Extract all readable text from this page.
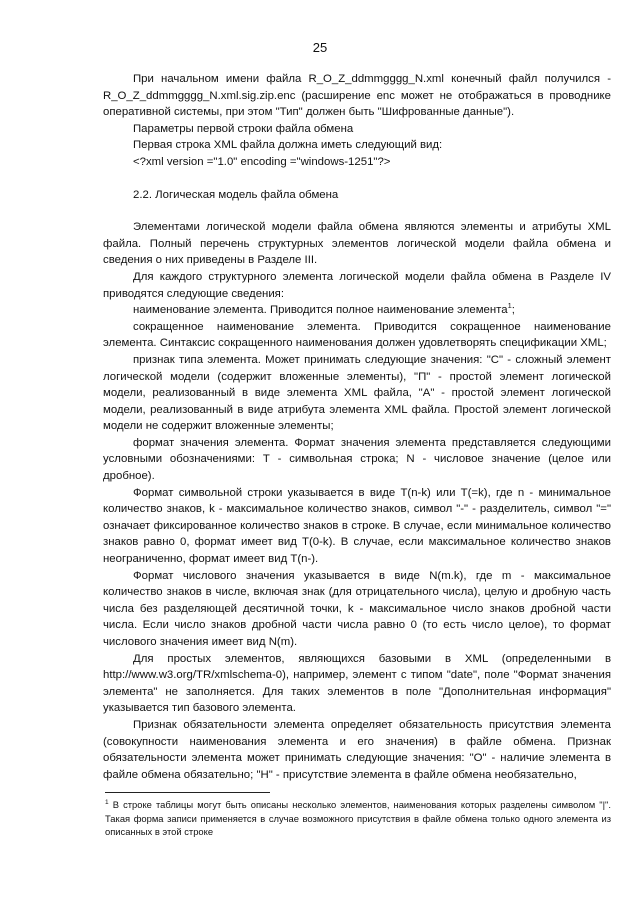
25

При начальном имени файла R_O_Z_ddmmgggg_N.xml конечный файл получился - R_O_Z_ddmmgggg_N.xml.sig.zip.enc (расширение enc может не отображаться в проводнике оперативной системы, при этом "Тип" должен быть "Шифрованные данные").

Параметры первой строки файла обмена

Первая строка XML файла должна иметь следующий вид:

<?xml version ="1.0" encoding ="windows-1251"?>

2.2. Логическая модель файла обмена

Элементами логической модели файла обмена являются элементы и атрибуты XML файла. Полный перечень структурных элементов логической модели файла обмена и сведения о них приведены в Разделе III.

Для каждого структурного элемента логической модели файла обмена в Разделе IV приводятся следующие сведения:

наименование элемента. Приводится полное наименование элемента$^1$;

сокращенное наименование элемента. Приводится сокращенное наименование элемента. Синтаксис сокращенного наименования должен удовлетворять спецификации XML;

признак типа элемента. Может принимать следующие значения: "С" - сложный элемент логической модели (содержит вложенные элементы), "П" - простой элемент логической модели, реализованный в виде элемента XML файла, "А" - простой элемент логической модели, реализованный в виде атрибута элемента XML файла. Простой элемент логической модели не содержит вложенные элементы;

формат значения элемента. Формат значения элемента представляется следующими условными обозначениями: Т - символьная строка; N - числовое значение (целое или дробное).

Формат символьной строки указывается в виде Т(n-k) или Т(=k), где n - минимальное количество знаков, k - максимальное количество знаков, символ "-" - разделитель, символ "=" означает фиксированное количество знаков в строке. В случае, если минимальное количество знаков равно 0, формат имеет вид Т(0-k). В случае, если максимальное количество знаков неограниченно, формат имеет вид Т(n-).

Формат числового значения указывается в виде N(m.k), где m - максимальное количество знаков в числе, включая знак (для отрицательного числа), целую и дробную часть числа без разделяющей десятичной точки, k - максимальное число знаков дробной части числа. Если число знаков дробной части числа равно 0 (то есть число целое), то формат числового значения имеет вид N(m).

Для простых элементов, являющихся базовыми в XML (определенными в http://www.w3.org/TR/xmlschema-0), например, элемент с типом "date", поле "Формат значения элемента" не заполняется. Для таких элементов в поле "Дополнительная информация" указывается тип базового элемента.

Признак обязательности элемента определяет обязательность присутствия элемента (совокупности наименования элемента и его значения) в файле обмена. Признак обязательности элемента может принимать следующие значения: "О" - наличие элемента в файле обмена обязательно; "Н" - присутствие элемента в файле обмена необязательно,

$^1$ В строке таблицы могут быть описаны несколько элементов, наименования которых разделены символом "|". Такая форма записи применяется в случае возможного присутствия в файле обмена только одного элемента из описанных в этой строке
